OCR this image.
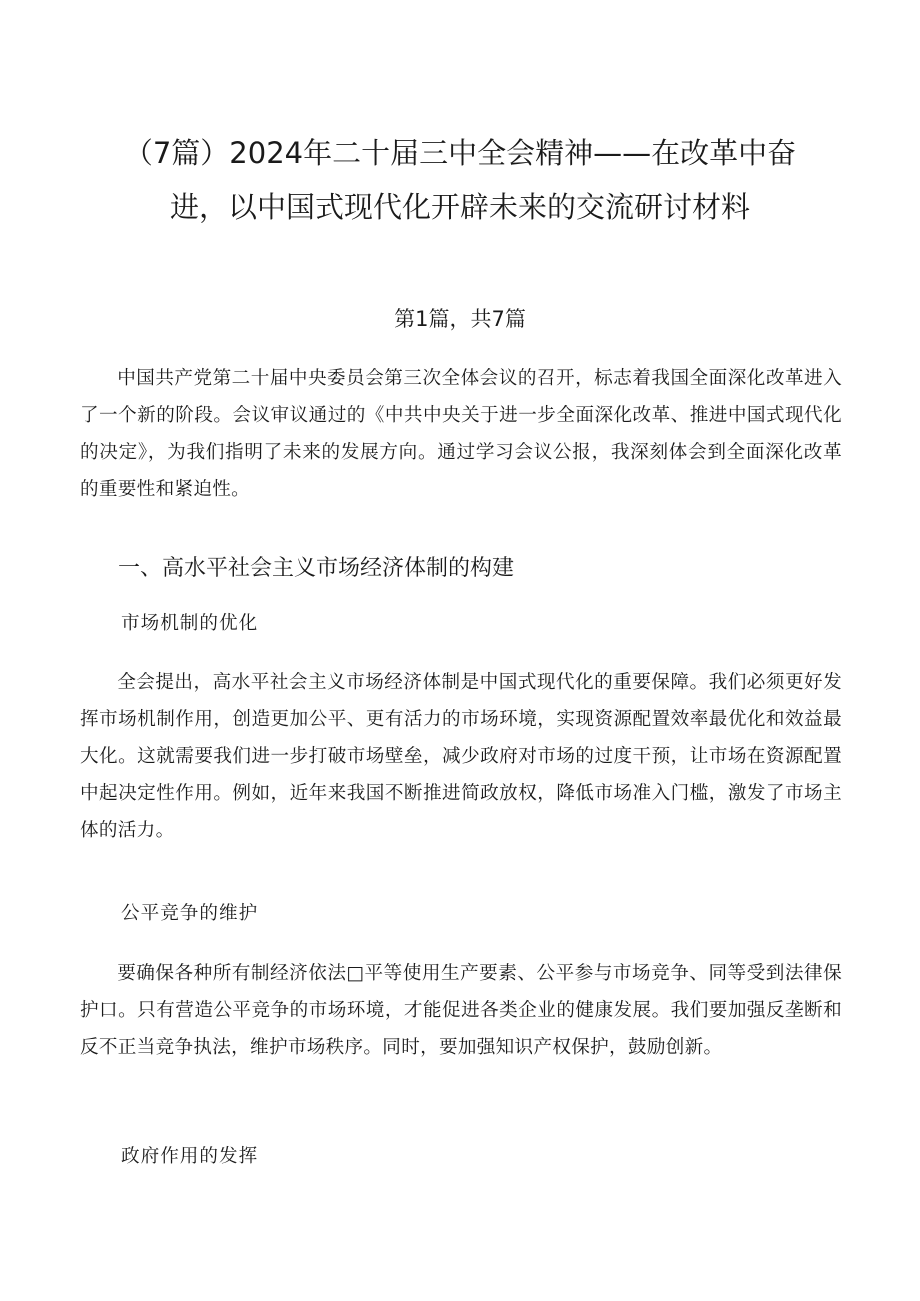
（7篇）2024年二十届三中全会精神——在改革中奋
进，以中国式现代化开辟未来的交流研讨材料
第1篇，共7篇
中国共产党第二十届中央委员会第三次全体会议的召开，标志着我国全面深化改革进入了一个新的阶段。会议审议通过的《中共中央关于进一步全面深化改革、推进中国式现代化的决定》，为我们指明了未来的发展方向。通过学习会议公报，我深刻体会到全面深化改革的重要性和紧迫性。
一、高水平社会主义市场经济体制的构建
市场机制的优化
全会提出，高水平社会主义市场经济体制是中国式现代化的重要保障。我们必须更好发挥市场机制作用，创造更加公平、更有活力的市场环境，实现资源配置效率最优化和效益最大化。这就需要我们进一步打破市场壁垒，减少政府对市场的过度干预，让市场在资源配置中起决定性作用。例如，近年来我国不断推进简政放权，降低市场准入门槛，激发了市场主体的活力。
公平竞争的维护
要确保各种所有制经济依法□平等使用生产要素、公平参与市场竞争、同等受到法律保护口。只有营造公平竞争的市场环境，才能促进各类企业的健康发展。我们要加强反垄断和反不正当竞争执法，维护市场秩序。同时，要加强知识产权保护，鼓励创新。
政府作用的发挥
